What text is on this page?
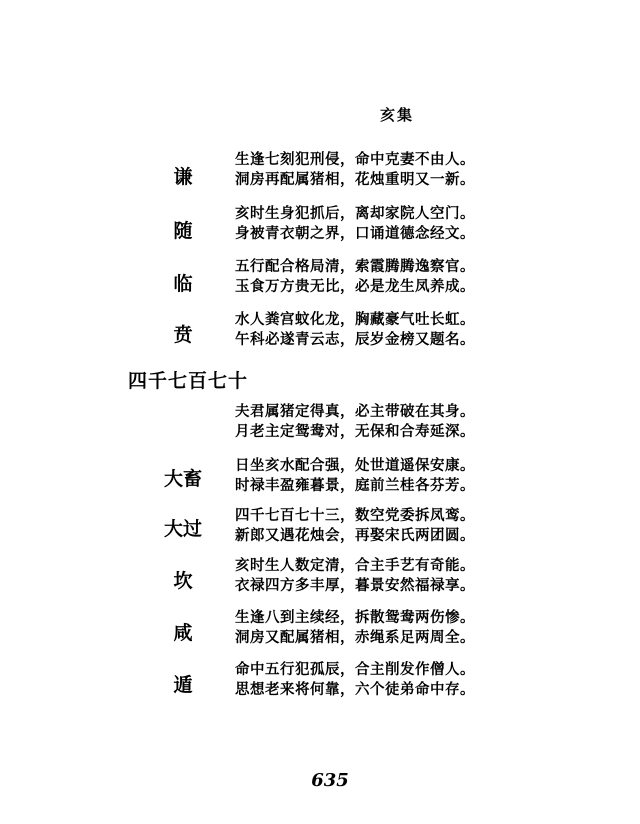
亥集
谦
生逢七刻犯刑侵，命中克妻不由人。
洞房再配属猪相，花烛重明又一新。
随
亥时生身犯抓后，离却家院人空门。
身被青衣朝之界，口诵道德念经文。
临
五行配合格局清，索霞腾腾逸察官。
玉食万方贵无比，必是龙生凤养成。
贲
水人粪宫蚊化龙，胸藏豪气吐长虹。
午科必遂青云志，辰岁金榜又题名。
四千七百七十
夫君属猪定得真，必主带破在其身。
月老主定鸳鸯对，无保和合寿延深。
大畜
日坐亥水配合强，处世道遥保安康。
时禄丰盈雍暮景，庭前兰桂各芬芳。
大过
四千七百七十三，数空党委拆凤鸾。
新郎又遇花烛会，再娶宋氏两团圆。
坎
亥时生人数定清，合主手艺有奇能。
衣禄四方多丰厚，暮景安然福禄享。
咸
生逢八到主续经，拆散鸳鸯两伤惨。
洞房又配属猪相，赤绳系足两周全。
遁
命中五行犯孤辰，合主削发作僧人。
思想老来将何靠，六个徒弟命中存。
635
